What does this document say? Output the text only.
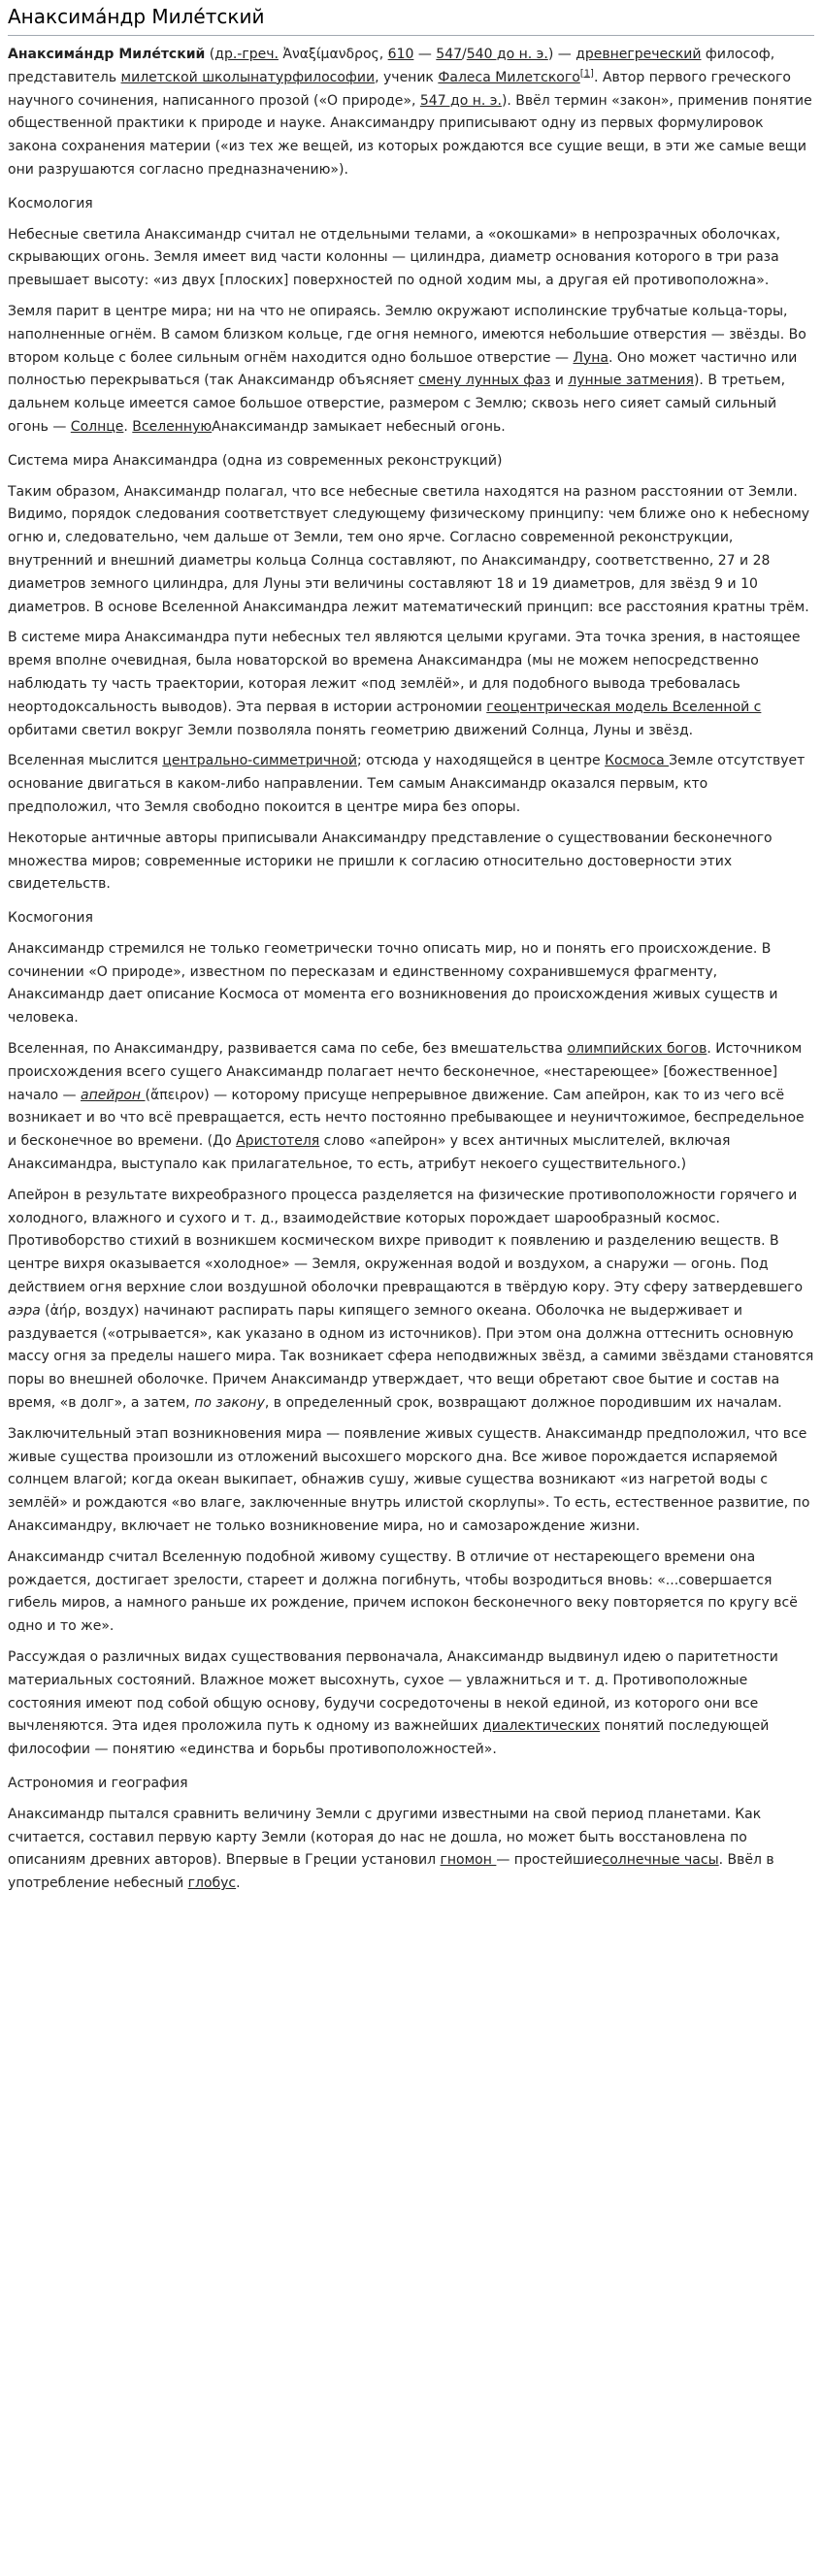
Анаксима́ндр Миле́тский

Анаксима́ндр Миле́тский (др.-греч. Ἀναξίμανδρος, 610 — 547/540 до н. э.) — древнегреческий философ, представитель милетской школынатурфилософии, ученик Фалеса Милетского[1]. Автор первого греческого научного сочинения, написанного прозой («О природе», 547 до н. э.). Ввёл термин «закон», применив понятие общественной практики к природе и науке. Анаксимандру приписывают одну из первых формулировок закона сохранения материи («из тех же вещей, из которых рождаются все сущие вещи, в эти же самые вещи они разрушаются согласно предназначению»).

Космология

Небесные светила Анаксимандр считал не отдельными телами, а «окошками» в непрозрачных оболочках, скрывающих огонь. Земля имеет вид части колонны — цилиндра, диаметр основания которого в три раза превышает высоту: «из двух [плоских] поверхностей по одной ходим мы, а другая ей противоположна».

Земля парит в центре мира; ни на что не опираясь. Землю окружают исполинские трубчатые кольца-торы, наполненные огнём. В самом близком кольце, где огня немного, имеются небольшие отверстия — звёзды. Во втором кольце с более сильным огнём находится одно большое отверстие — Луна. Оно может частично или полностью перекрываться (так Анаксимандр объясняет смену лунных фаз и лунные затмения). В третьем, дальнем кольце имеется самое большое отверстие, размером с Землю; сквозь него сияет самый сильный огонь — Солнце. ВселеннуюАнаксимандр замыкает небесный огонь.

Система мира Анаксимандра (одна из современных реконструкций)

Таким образом, Анаксимандр полагал, что все небесные светила находятся на разном расстоянии от Земли. Видимо, порядок следования соответствует следующему физическому принципу: чем ближе оно к небесному огню и, следовательно, чем дальше от Земли, тем оно ярче. Согласно современной реконструкции, внутренний и внешний диаметры кольца Солнца составляют, по Анаксимандру, соответственно, 27 и 28 диаметров земного цилиндра, для Луны эти величины составляют 18 и 19 диаметров, для звёзд 9 и 10 диаметров. В основе Вселенной Анаксимандра лежит математический принцип: все расстояния кратны трём.

В системе мира Анаксимандра пути небесных тел являются целыми кругами. Эта точка зрения, в настоящее время вполне очевидная, была новаторской во времена Анаксимандра (мы не можем непосредственно наблюдать ту часть траектории, которая лежит «под землёй», и для подобного вывода требовалась неортодоксальность выводов). Эта первая в истории астрономии геоцентрическая модель Вселенной с орбитами светил вокруг Земли позволяла понять геометрию движений Солнца, Луны и звёзд.

Вселенная мыслится центрально-симметричной; отсюда у находящейся в центре Космоса Земле отсутствует основание двигаться в каком-либо направлении. Тем самым Анаксимандр оказался первым, кто предположил, что Земля свободно покоится в центре мира без опоры.

Некоторые античные авторы приписывали Анаксимандру представление о существовании бесконечного множества миров; современные историки не пришли к согласию относительно достоверности этих свидетельств.

Космогония

Анаксимандр стремился не только геометрически точно описать мир, но и понять его происхождение. В сочинении «О природе», известном по пересказам и единственному сохранившемуся фрагменту, Анаксимандр дает описание Космоса от момента его возникновения до происхождения живых существ и человека.

Вселенная, по Анаксимандру, развивается сама по себе, без вмешательства олимпийских богов. Источником происхождения всего сущего Анаксимандр полагает нечто бесконечное, «нестареющее» [божественное] начало — апейрон (ἄπειρον) — которому присуще непрерывное движение. Сам апейрон, как то из чего всё возникает и во что всё превращается, есть нечто постоянно пребывающее и неуничтожимое, беспредельное и бесконечное во времени. (До Аристотеля слово «апейрон» у всех античных мыслителей, включая Анаксимандра, выступало как прилагательное, то есть, атрибут некоего существительного.)

Апейрон в результате вихреобразного процесса разделяется на физические противоположности горячего и холодного, влажного и сухого и т. д., взаимодействие которых порождает шарообразный космос. Противоборство стихий в возникшем космическом вихре приводит к появлению и разделению веществ. В центре вихря оказывается «холодное» — Земля, окруженная водой и воздухом, а снаружи — огонь. Под действием огня верхние слои воздушной оболочки превращаются в твёрдую кору. Эту сферу затвердевшего аэра (ἀήρ, воздух) начинают распирать пары кипящего земного океана. Оболочка не выдерживает и раздувается («отрывается», как указано в одном из источников). При этом она должна оттеснить основную массу огня за пределы нашего мира. Так возникает сфера неподвижных звёзд, а самими звёздами становятся поры во внешней оболочке. Причем Анаксимандр утверждает, что вещи обретают свое бытие и состав на время, «в долг», а затем, по закону, в определенный срок, возвращают должное породившим их началам.

Заключительный этап возникновения мира — появление живых существ. Анаксимандр предположил, что все живые существа произошли из отложений высохшего морского дна. Все живое порождается испаряемой солнцем влагой; когда океан выкипает, обнажив сушу, живые существа возникают «из нагретой воды с землёй» и рождаются «во влаге, заключенные внутрь илистой скорлупы». То есть, естественное развитие, по Анаксимандру, включает не только возникновение мира, но и самозарождение жизни.

Анаксимандр считал Вселенную подобной живому существу. В отличие от нестареющего времени она рождается, достигает зрелости, стареет и должна погибнуть, чтобы возродиться вновь: «...совершается гибель миров, а намного раньше их рождение, причем испокон бесконечного веку повторяется по кругу всё одно и то же».

Рассуждая о различных видах существования первоначала, Анаксимандр выдвинул идею о паритетности материальных состояний. Влажное может высохнуть, сухое — увлажниться и т. д. Противоположные состояния имеют под собой общую основу, будучи сосредоточены в некой единой, из которого они все вычленяются. Эта идея проложила путь к одному из важнейших диалектических понятий последующей философии — понятию «единства и борьбы противоположностей».

Астрономия и география

Анаксимандр пытался сравнить величину Земли с другими известными на свой период планетами. Как считается, составил первую карту Земли (которая до нас не дошла, но может быть восстановлена по описаниям древних авторов). Впервые в Греции установил гномон — простейшиесолнечные часы. Ввёл в употребление небесный глобус.
